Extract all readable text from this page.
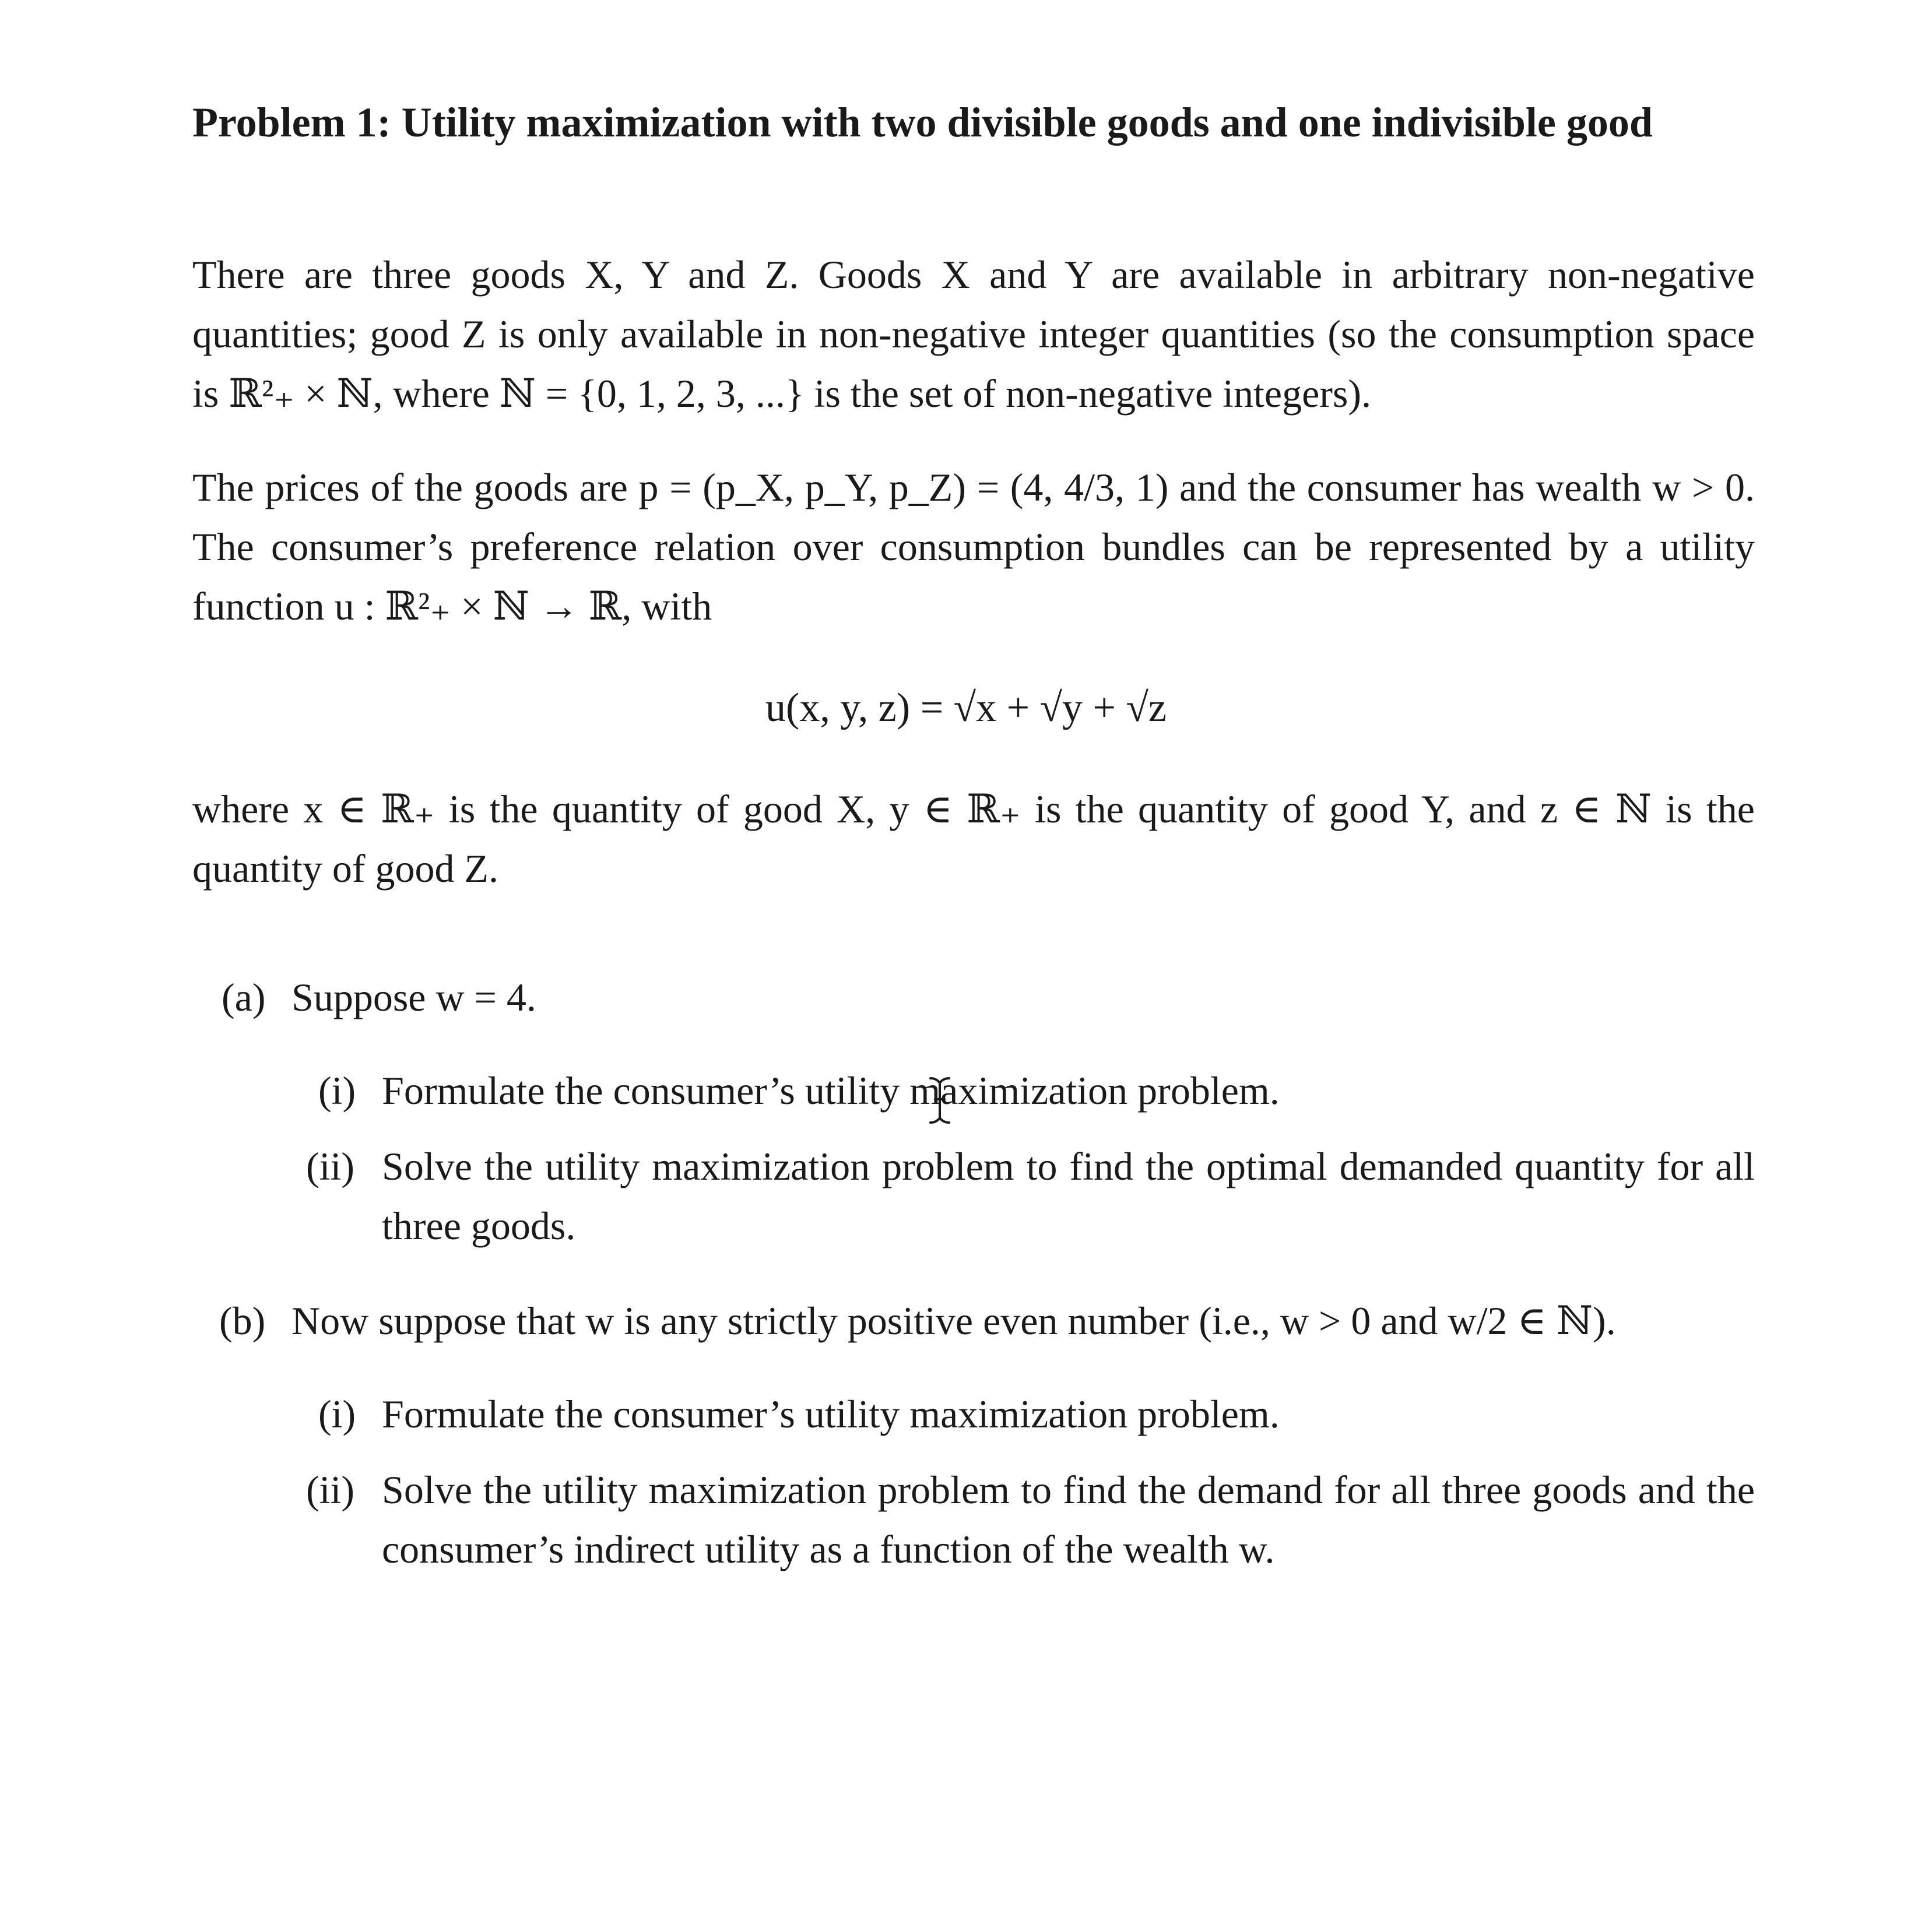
Problem 1: Utility maximization with two divisible goods and one indivisible good
There are three goods X, Y and Z. Goods X and Y are available in arbitrary non-negative quantities; good Z is only available in non-negative integer quantities (so the consumption space is ℝ²₊ × ℕ, where ℕ = {0, 1, 2, 3, ...} is the set of non-negative integers).
The prices of the goods are p = (p_X, p_Y, p_Z) = (4, 4/3, 1) and the consumer has wealth w > 0. The consumer’s preference relation over consumption bundles can be represented by a utility function u : ℝ²₊ × ℕ → ℝ, with
u(x, y, z) = √x + √y + √z
where x ∈ ℝ₊ is the quantity of good X, y ∈ ℝ₊ is the quantity of good Y, and z ∈ ℕ is the quantity of good Z.
(a) Suppose w = 4.
(i) Formulate the consumer’s utility maximization problem.
(ii) Solve the utility maximization problem to find the optimal demanded quantity for all three goods.
(b) Now suppose that w is any strictly positive even number (i.e., w > 0 and w/2 ∈ ℕ).
(i) Formulate the consumer’s utility maximization problem.
(ii) Solve the utility maximization problem to find the demand for all three goods and the consumer’s indirect utility as a function of the wealth w.
